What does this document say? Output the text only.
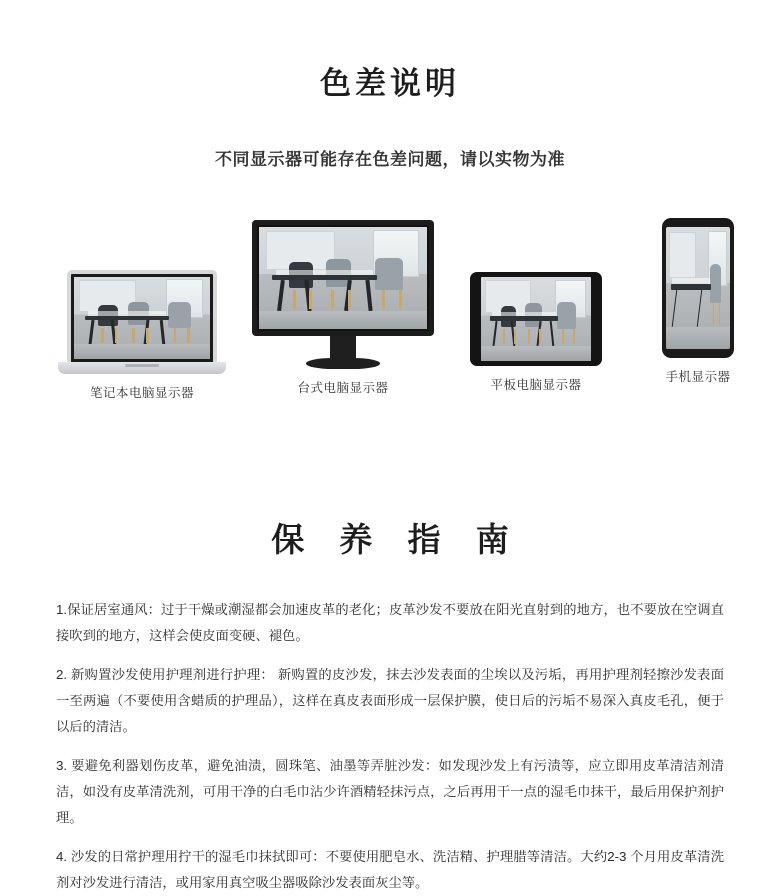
色差说明
不同显示器可能存在色差问题，请以实物为准
笔记本电脑显示器	台式电脑显示器	平板电脑显示器
手机显示器
保 养 指 南

1.保证居室通风：过于干燥或潮湿都会加速皮革的老化；皮革沙发不要放在阳光直射到的地方，也不要放在空调直接吹到的地方，这样会使皮面变硬、褪色。

2. 新购置沙发使用护理剂进行护理： 新购置的皮沙发，抹去沙发表面的尘埃以及污垢，再用护理剂轻擦沙发表面一至两遍（不要使用含蜡质的护理品），这样在真皮表面形成一层保护膜，使日后的污垢不易深入真皮毛孔，便于以后的清洁。

3. 要避免利器划伤皮革，避免油渍，圆珠笔、油墨等弄脏沙发：如发现沙发上有污渍等，应立即用皮革清洁剂清洁，如没有皮革清洗剂，可用干净的白毛巾沾少许酒精轻抹污点，之后再用干一点的湿毛巾抹干，最后用保护剂护理。

4. 沙发的日常护理用拧干的湿毛巾抹拭即可：不要使用肥皂水、洗洁精、护理腊等清洁。大约2-3 个月用皮革清洗剂对沙发进行清洁，或用家用真空吸尘器吸除沙发表面灰尘等。
